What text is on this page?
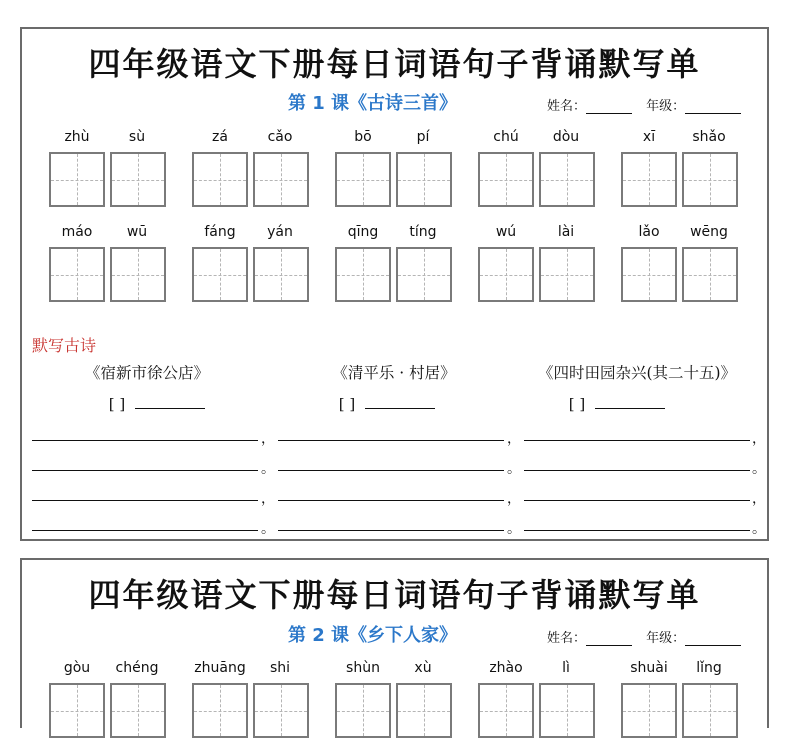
四年级语文下册每日词语句子背诵默写单
第 1 课《古诗三首》	姓名：	年级：
zhù	sù	zá	cǎo	bō	pí	chú	dòu	xī	shǎo
máo	wū	fáng	yán	qīng	tíng	wú	lài	lǎo	wēng
默写古诗
《宿新市徐公店》	《清平乐 · 村居》	《四时田园杂兴(其二十五)》
[ ]	[ ]	[ ]
，	，	，
。	。	。
，	，	，
。	。	。
四年级语文下册每日词语句子背诵默写单
第 2 课《乡下人家》	姓名：	年级：
gòu	chéng	zhuāng	shi	shùn	xù	zhào	lì	shuài	lǐng
